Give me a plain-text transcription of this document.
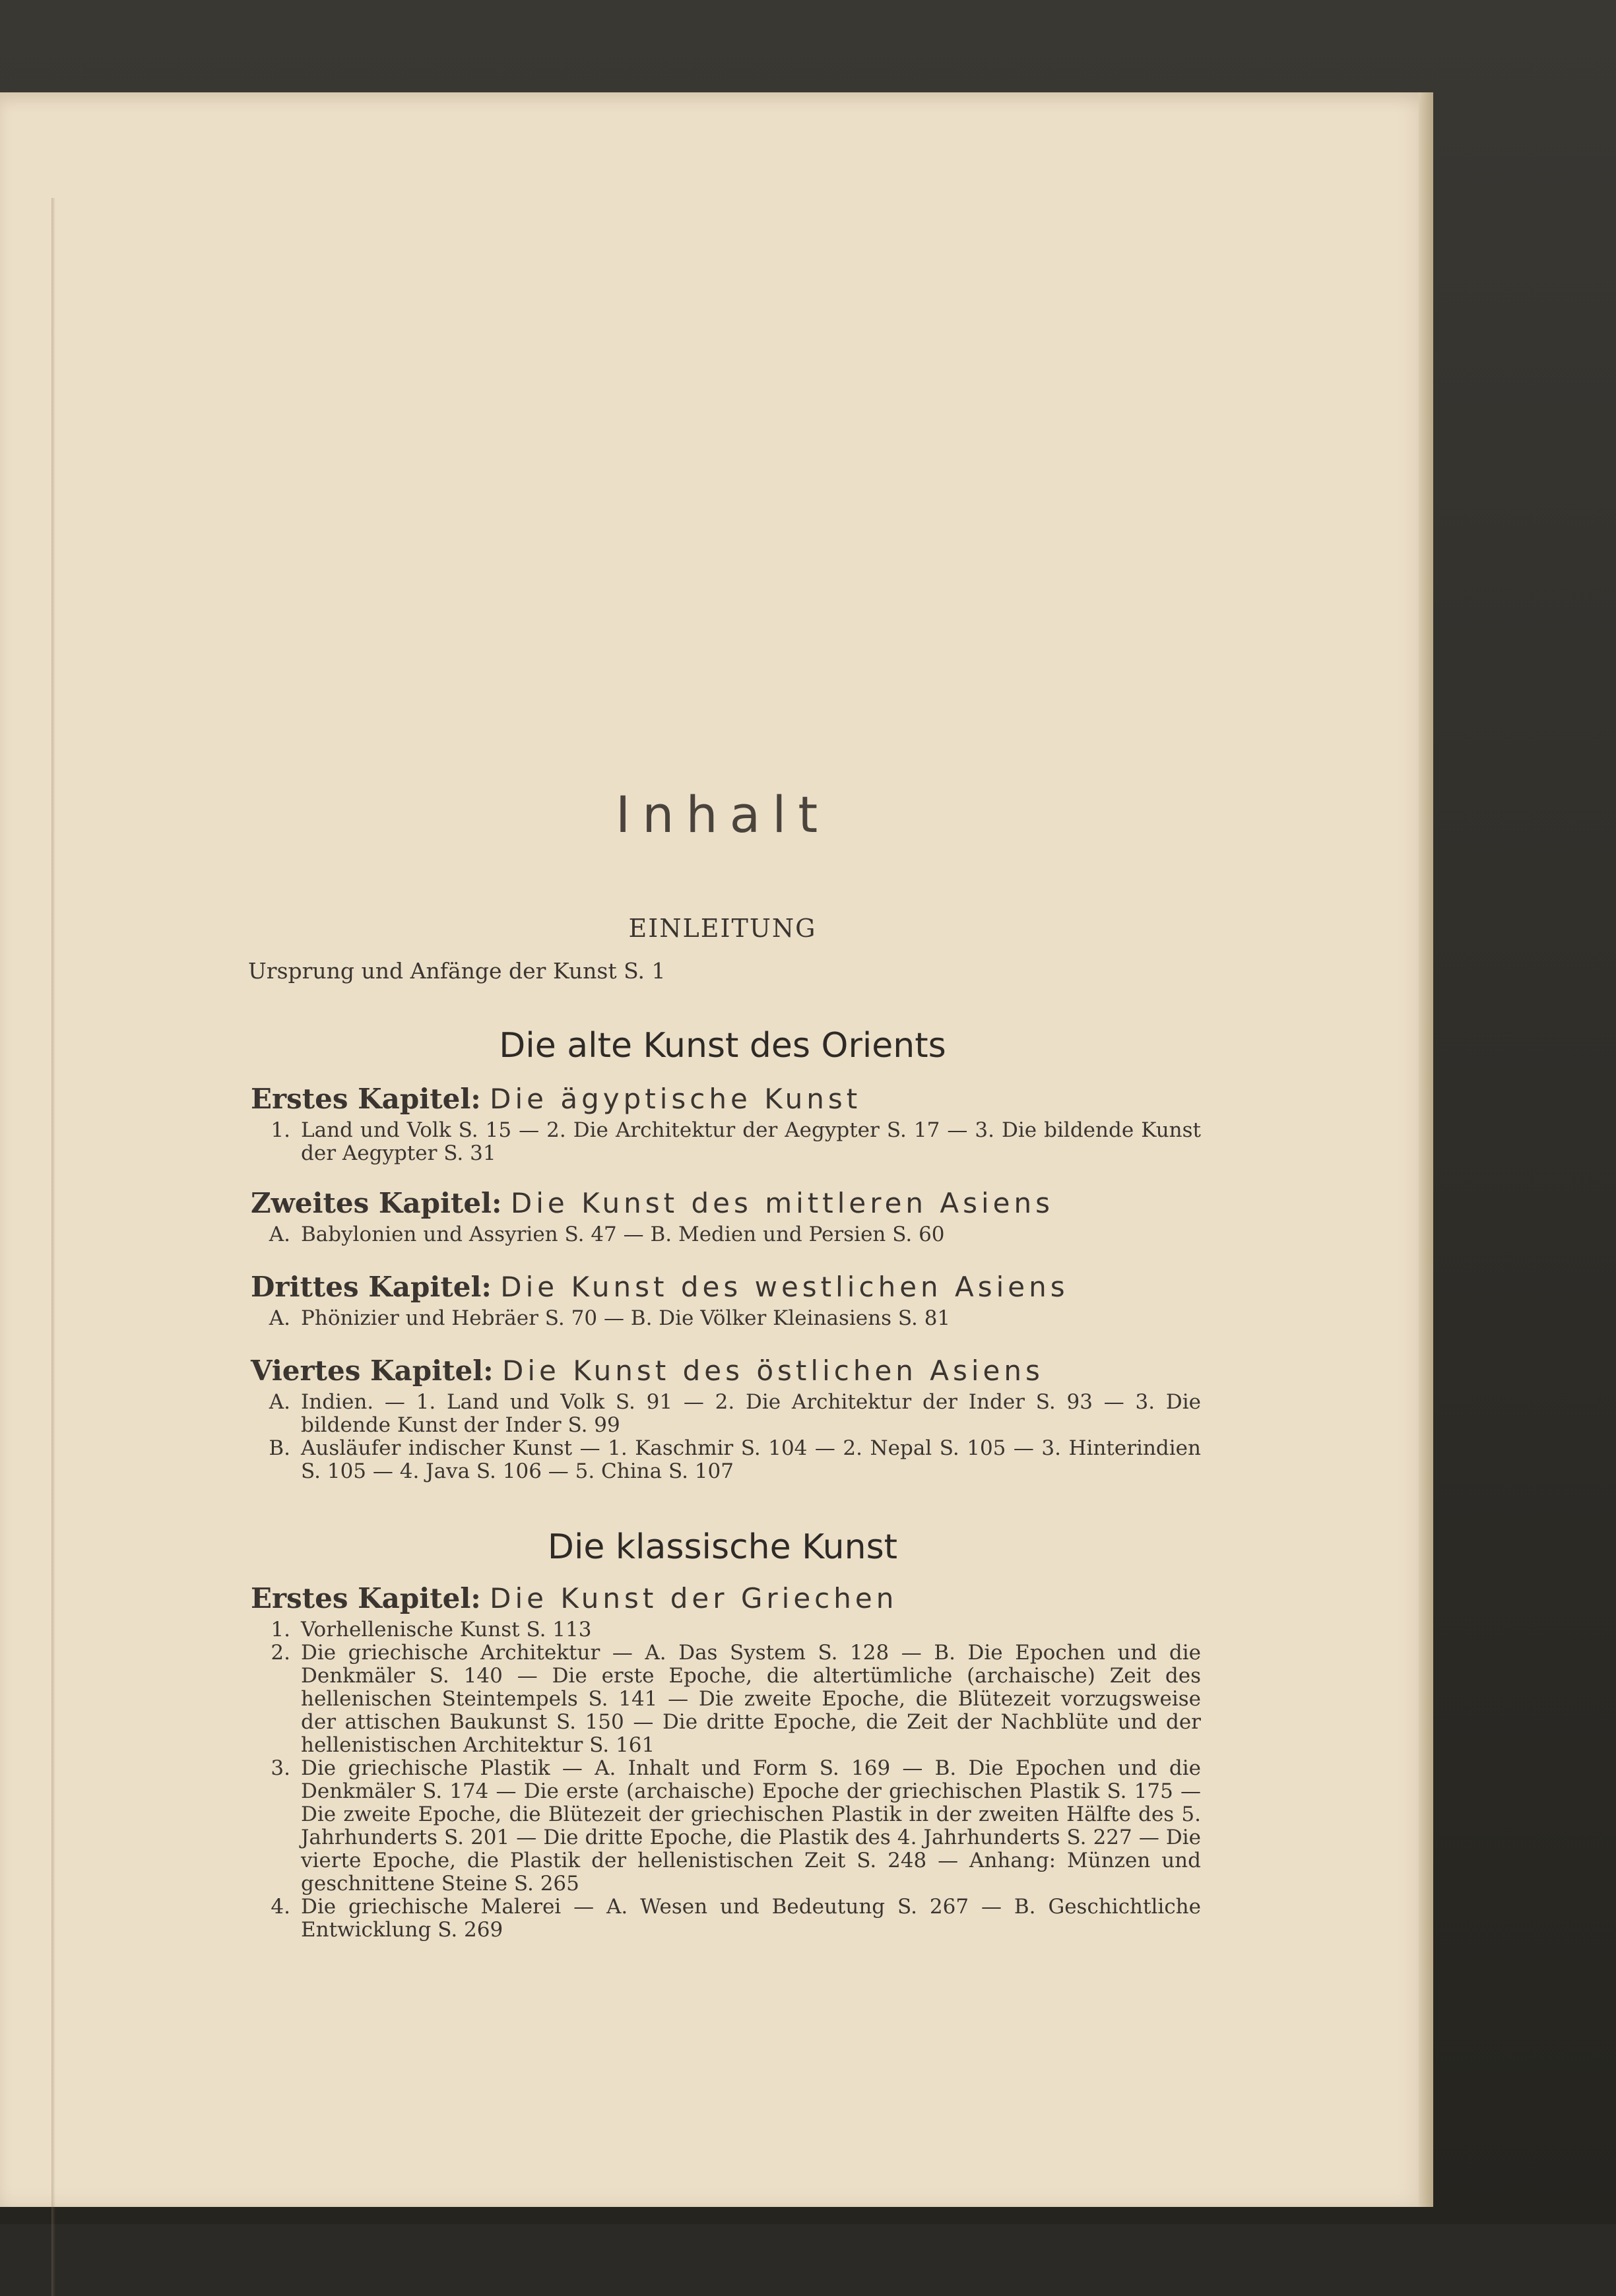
Inhalt
EINLEITUNG
Ursprung und Anfänge der Kunst S. 1
Die alte Kunst des Orients
Erstes Kapitel: Die ägyptische Kunst
1. Land und Volk S. 15 — 2. Die Architektur der Aegypter S. 17 — 3. Die bildende Kunst der Aegypter S. 31
Zweites Kapitel: Die Kunst des mittleren Asiens
A. Babylonien und Assyrien S. 47 — B. Medien und Persien S. 60
Drittes Kapitel: Die Kunst des westlichen Asiens
A. Phönizier und Hebräer S. 70 — B. Die Völker Kleinasiens S. 81
Viertes Kapitel: Die Kunst des östlichen Asiens
A. Indien. — 1. Land und Volk S. 91 — 2. Die Architektur der Inder S. 93 — 3. Die bildende Kunst der Inder S. 99
B. Ausläufer indischer Kunst — 1. Kaschmir S. 104 — 2. Nepal S. 105 — 3. Hinterindien S. 105 — 4. Java S. 106 — 5. China S. 107
Die klassische Kunst
Erstes Kapitel: Die Kunst der Griechen
1. Vorhellenische Kunst S. 113
2. Die griechische Architektur — A. Das System S. 128 — B. Die Epochen und die Denkmäler S. 140 — Die erste Epoche, die altertümliche (archaische) Zeit des hellenischen Steintempels S. 141 — Die zweite Epoche, die Blütezeit vorzugsweise der attischen Baukunst S. 150 — Die dritte Epoche, die Zeit der Nachblüte und der hellenistischen Architektur S. 161
3. Die griechische Plastik — A. Inhalt und Form S. 169 — B. Die Epochen und die Denkmäler S. 174 — Die erste (archaische) Epoche der griechischen Plastik S. 175 — Die zweite Epoche, die Blütezeit der griechischen Plastik in der zweiten Hälfte des 5. Jahrhunderts S. 201 — Die dritte Epoche, die Plastik des 4. Jahrhunderts S. 227 — Die vierte Epoche, die Plastik der hellenistischen Zeit S. 248 — Anhang: Münzen und geschnittene Steine S. 265
4. Die griechische Malerei — A. Wesen und Bedeutung S. 267 — B. Geschichtliche Entwicklung S. 269
